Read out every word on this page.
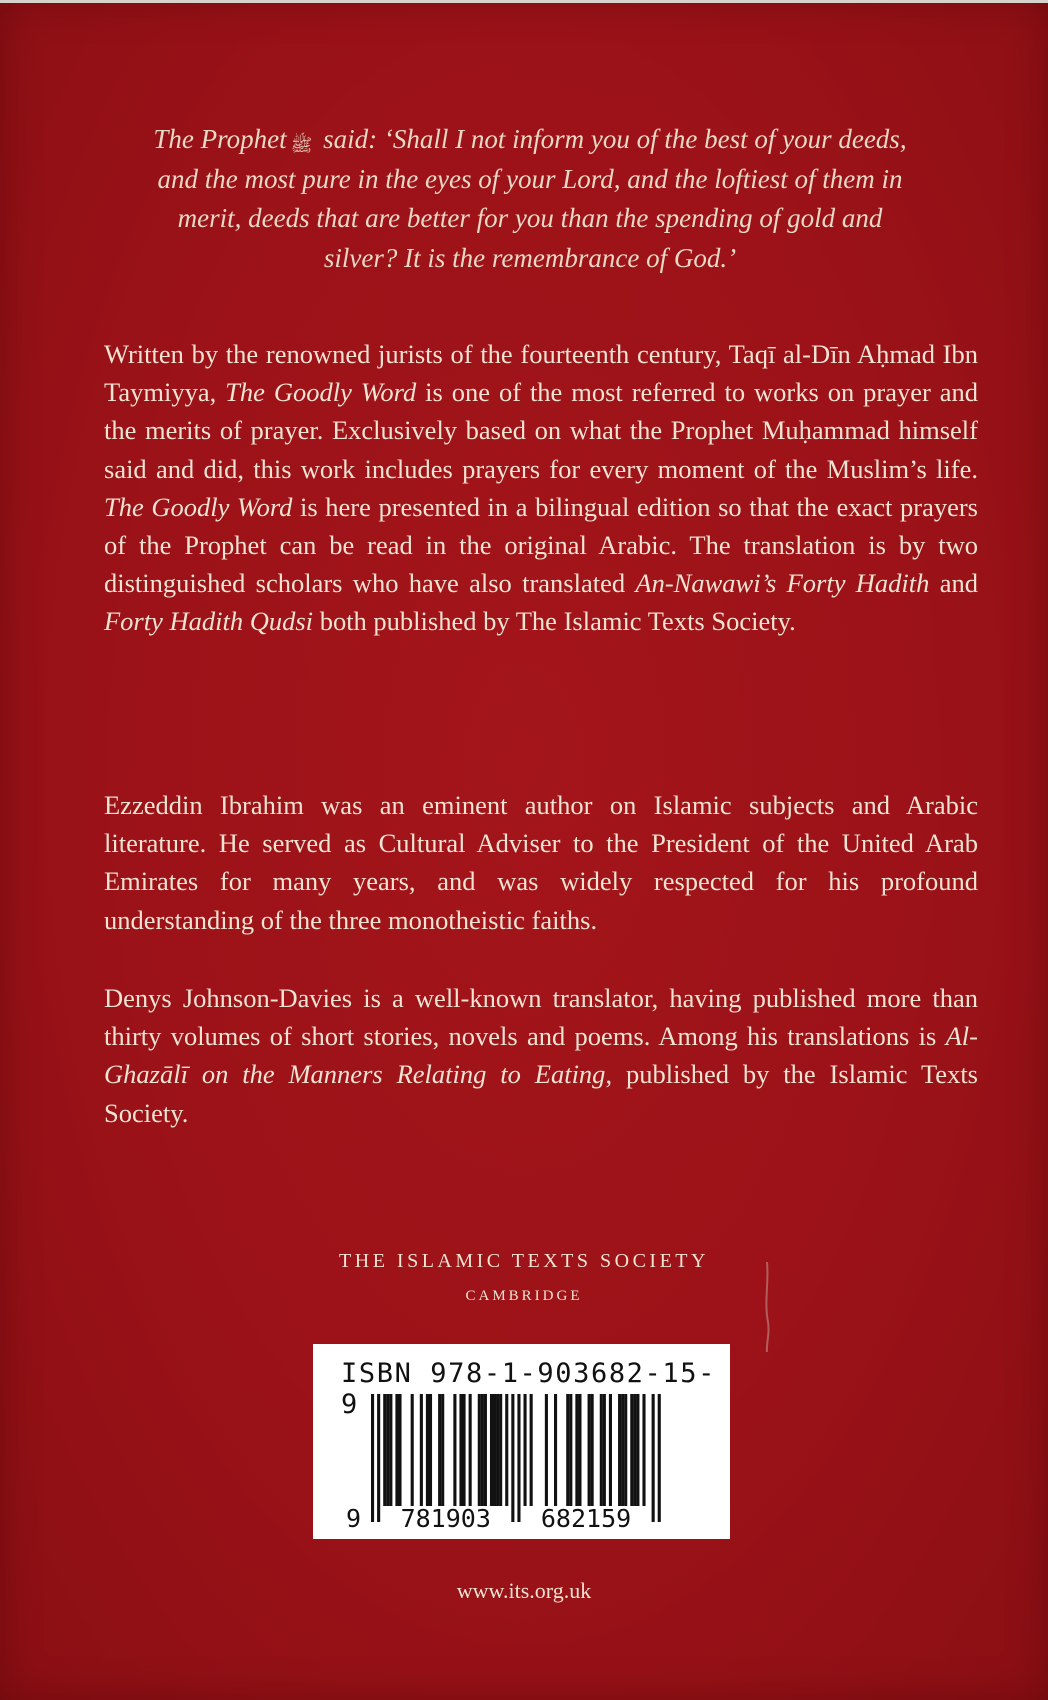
The Prophet ﷺ said: ‘Shall I not inform you of the best of your deeds, and the most pure in the eyes of your Lord, and the loftiest of them in merit, deeds that are better for you than the spending of gold and silver? It is the remembrance of God.’
Written by the renowned jurists of the fourteenth century, Taqī al-Dīn Aḥmad Ibn Taymiyya, The Goodly Word is one of the most referred to works on prayer and the merits of prayer. Exclusively based on what the Prophet Muḥammad himself said and did, this work includes prayers for every moment of the Muslim’s life. The Goodly Word is here presented in a bilingual edition so that the exact prayers of the Prophet can be read in the original Arabic. The translation is by two distinguished scholars who have also translated An-Nawawi’s Forty Hadith and Forty Hadith Qudsi both published by The Islamic Texts Society.
Ezzeddin Ibrahim was an eminent author on Islamic subjects and Arabic literature. He served as Cultural Adviser to the President of the United Arab Emirates for many years, and was widely respected for his profound understanding of the three monotheistic faiths.
Denys Johnson-Davies is a well-known translator, having published more than thirty volumes of short stories, novels and poems. Among his translations is Al-Ghazālī on the Manners Relating to Eating, published by the Islamic Texts Society.
THE ISLAMIC TEXTS SOCIETY
CAMBRIDGE
ISBN 978-1-903682-15-9
9 781903 682159
www.its.org.uk
